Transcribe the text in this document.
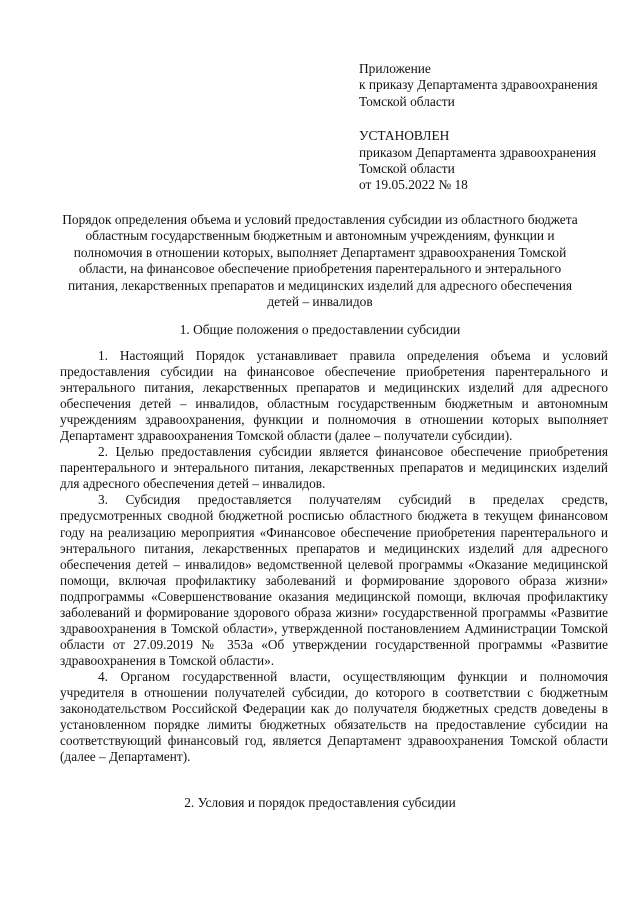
Приложение
к приказу Департамента здравоохранения
Томской области
УСТАНОВЛЕН
приказом Департамента здравоохранения
Томской области
от 19.05.2022 № 18
Порядок определения объема и условий предоставления субсидии из областного бюджета областным государственным бюджетным и автономным учреждениям, функции и полномочия в отношении которых, выполняет Департамент здравоохранения Томской области, на финансовое обеспечение приобретения парентерального и энтерального питания, лекарственных препаратов и медицинских изделий для адресного обеспечения детей – инвалидов
1. Общие положения о предоставлении субсидии

1. Настоящий Порядок устанавливает правила определения объема и условий предоставления субсидии на финансовое обеспечение приобретения парентерального и энтерального питания, лекарственных препаратов и медицинских изделий для адресного обеспечения детей – инвалидов, областным государственным бюджетным и автономным учреждениям здравоохранения, функции и полномочия в отношении которых выполняет Департамент здравоохранения Томской области (далее – получатели субсидии).

2. Целью предоставления субсидии является финансовое обеспечение приобретения парентерального и энтерального питания, лекарственных препаратов и медицинских изделий для адресного обеспечения детей – инвалидов.

3. Субсидия предоставляется получателям субсидий в пределах средств, предусмотренных сводной бюджетной росписью областного бюджета в текущем финансовом году на реализацию мероприятия «Финансовое обеспечение приобретения парентерального и энтерального питания, лекарственных препаратов и медицинских изделий для адресного обеспечения детей – инвалидов» ведомственной целевой программы «Оказание медицинской помощи, включая профилактику заболеваний и формирование здорового образа жизни» подпрограммы «Совершенствование оказания медицинской помощи, включая профилактику заболеваний и формирование здорового образа жизни» государственной программы «Развитие здравоохранения в Томской области», утвержденной постановлением Администрации Томской области от 27.09.2019 № 353а «Об утверждении государственной программы «Развитие здравоохранения в Томской области».

4. Органом государственной власти, осуществляющим функции и полномочия учредителя в отношении получателей субсидии, до которого в соответствии с бюджетным законодательством Российской Федерации как до получателя бюджетных средств доведены в установленном порядке лимиты бюджетных обязательств на предоставление субсидии на соответствующий финансовый год, является Департамент здравоохранения Томской области (далее – Департамент).

2. Условия и порядок предоставления субсидии
